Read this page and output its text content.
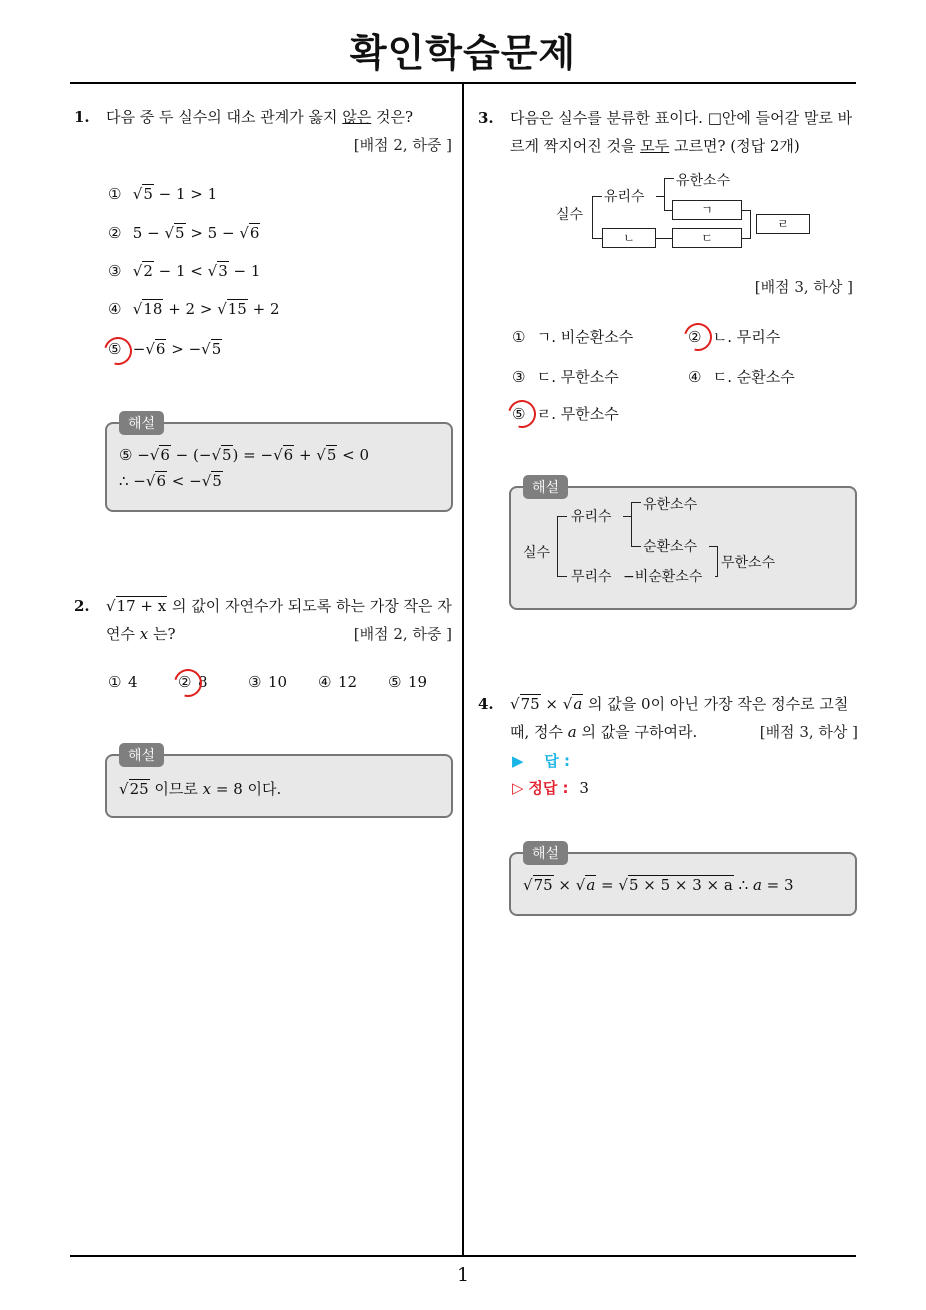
확인학습문제
1
1. 다음 중 두 실수의 대소 관계가 옳지 않은 것은?
[배점 2, 하중 ]
① √5 − 1 > 1
② 5 − √5 > 5 − √6
③ √2 − 1 < √3 − 1
④ √18 + 2 > √15 + 2
⑤ −√6 > −√5
해설
⑤ −√6 − (−√5) = −√6 + √5 < 0
∴ −√6 < −√5
2. √17 + x 의 값이 자연수가 되도록 하는 가장 작은 자
연수 x 는?	[배점 2, 하중 ]
① 4	② 8	③ 10 ④ 12 ⑤ 19
해설
√25 이므로 x = 8 이다.
3. 다음은 실수를 분류한 표이다. □안에 들어갈 말로 바
르게 짝지어진 것을 모두 고르면? (정답 2개)
실수
유리수
유한소수
ㄱ
ㄴ	ㄷ
ㄹ
[배점 3, 하상 ]
① ㄱ. 비순환소수	② ㄴ. 무리수
③ ㄷ. 무한소수	④ ㄷ. 순환소수
⑤ ㄹ. 무한소수
해설
실수
유리수
유한소수
순환소수
무리수 −비순환소수
무한소수
4. √75 × √a 의 값을 0이 아닌 가장 작은 정수로 고칠
때, 정수 a 의 값을 구하여라.	[배점 3, 하상 ]
▶ 답 :
▷ 정답 : 3
해설
√75 × √a = √5 × 5 × 3 × a ∴ a = 3
